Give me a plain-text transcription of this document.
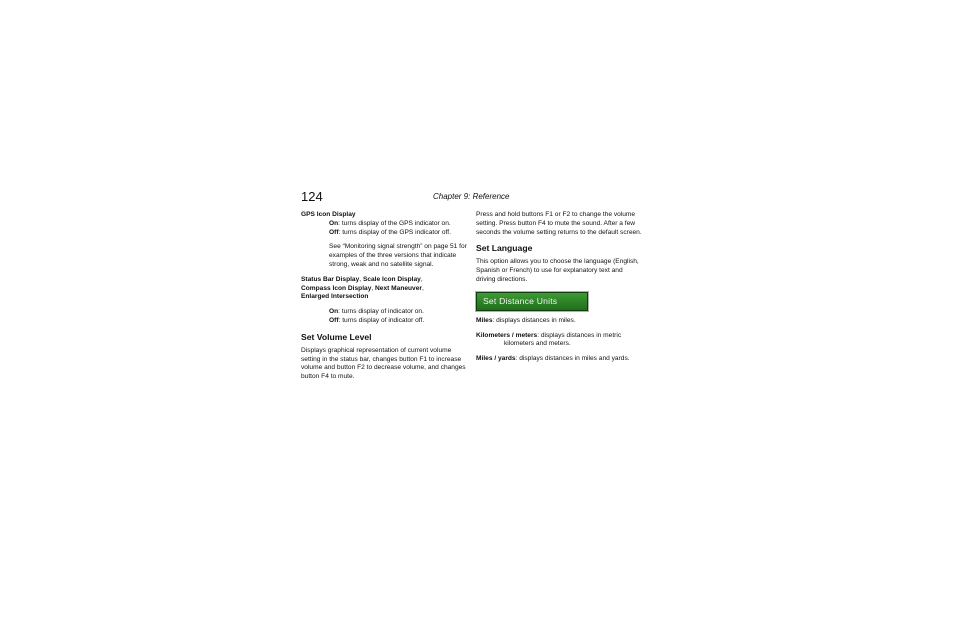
124	Chapter 9: Reference

GPS Icon Display

On: turns display of the GPS indicator on.

Off: turns display of the GPS indicator off.

See “Monitoring signal strength” on page 51 for examples of the three versions that indicate strong, weak and no satellite signal.

Status Bar Display, Scale Icon Display,
Compass Icon Display, Next Maneuver,
Enlarged Intersection

On: turns display of indicator on.

Off: turns display of indicator off.

Set Volume Level

Displays graphical representation of current volume setting in the status bar, changes button F1 to increase volume and button F2 to decrease volume, and changes button F4 to mute.

Press and hold buttons F1 or F2 to change the volume setting. Press button F4 to mute the sound. After a few seconds the volume setting returns to the default screen.

Set Language

This option allows you to choose the language (English, Spanish or French) to use for explanatory text and driving directions.

Set Distance Units

Miles: displays distances in miles.

Kilometers / meters: displays distances in metric kilometers and meters.

Miles / yards: displays distances in miles and yards.
